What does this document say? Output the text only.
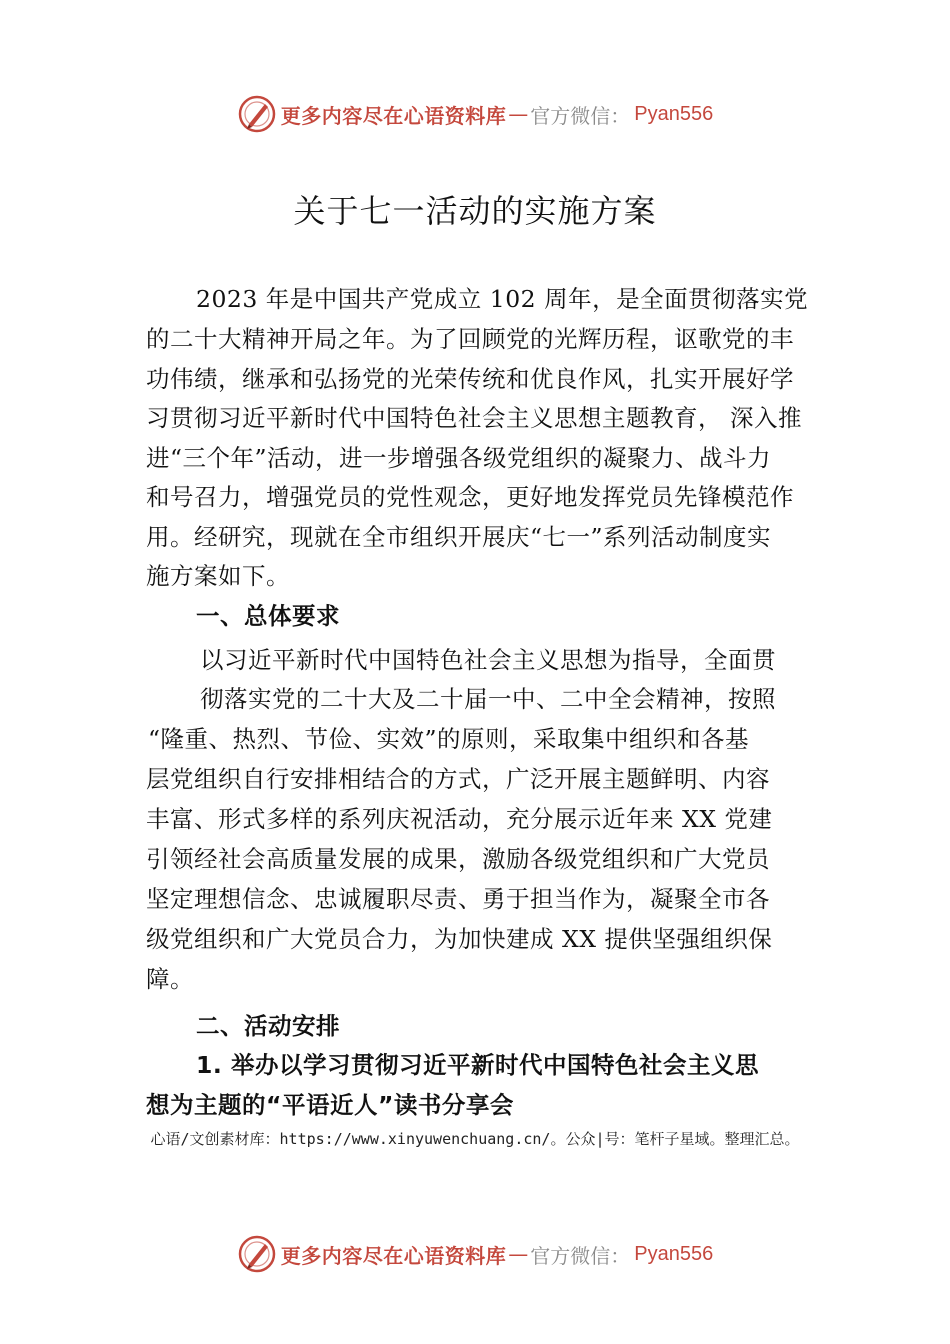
更多内容尽在心语资料库 — 官方微信： Pyan556
关于七一活动的实施方案
2023 年是中国共产党成立 102 周年，是全面贯彻落实党
的二十大精神开局之年。为了回顾党的光辉历程，讴歌党的丰
功伟绩，继承和弘扬党的光荣传统和优良作风，扎实开展好学
习贯彻习近平新时代中国特色社会主义思想主题教育， 深入推
进“三个年”活动，进一步增强各级党组织的凝聚力、战斗力
和号召力，增强党员的党性观念，更好地发挥党员先锋模范作
用。经研究，现就在全市组织开展庆“七一”系列活动制度实
施方案如下。
一、总体要求
以习近平新时代中国特色社会主义思想为指导，全面贯
彻落实党的二十大及二十届一中、二中全会精神，按照
“隆重、热烈、节俭、实效”的原则，采取集中组织和各基
层党组织自行安排相结合的方式，广泛开展主题鲜明、内容
丰富、形式多样的系列庆祝活动，充分展示近年来 XX 党建
引领经社会高质量发展的成果，激励各级党组织和广大党员
坚定理想信念、忠诚履职尽责、勇于担当作为，凝聚全市各
级党组织和广大党员合力，为加快建成 XX 提供坚强组织保
障。
二、活动安排
1. 举办以学习贯彻习近平新时代中国特色社会主义思
想为主题的“平语近人”读书分享会
心语/文创素材库：https://www.xinyuwenchuang.cn/。公众|号：笔杆子星域。整理汇总。
更多内容尽在心语资料库 — 官方微信： Pyan556
